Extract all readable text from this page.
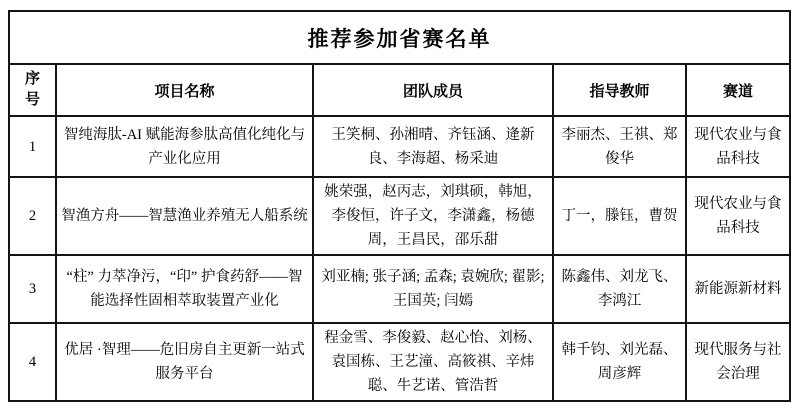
推荐参加省赛名单				
序号	项目名称	团队成员	指导教师	赛道
1	智纯海肽-AI 赋能海参肽高值化纯化与产业化应用	王笑桐、孙湘晴、齐钰涵、逄新良、李海超、杨采迪	李丽杰、王祺、郑俊华	现代农业与食品科技
2	智渔方舟——智慧渔业养殖无人船系统	姚荣强，赵丙志，刘琪硕，韩旭，李俊恒，许子文，李潇鑫，杨德周，王昌民，邵乐甜	丁一，滕钰，曹贺	现代农业与食品科技
3	“柱” 力萃净污，“印” 护食药舒——智能选择性固相萃取装置产业化	刘亚楠; 张子涵; 孟森; 袁婉欣; 翟影; 王国英; 闫嫣	陈鑫伟、刘龙飞、李鸿江	新能源新材料
4	优居 ·智理——危旧房自主更新一站式服务平台	程金雪、李俊毅、赵心怡、刘杨、袁国栋、王艺潼、高筱祺、辛炜聪、牛艺诺、管浩哲	韩千钧、刘光磊、周彦辉	现代服务与社会治理
